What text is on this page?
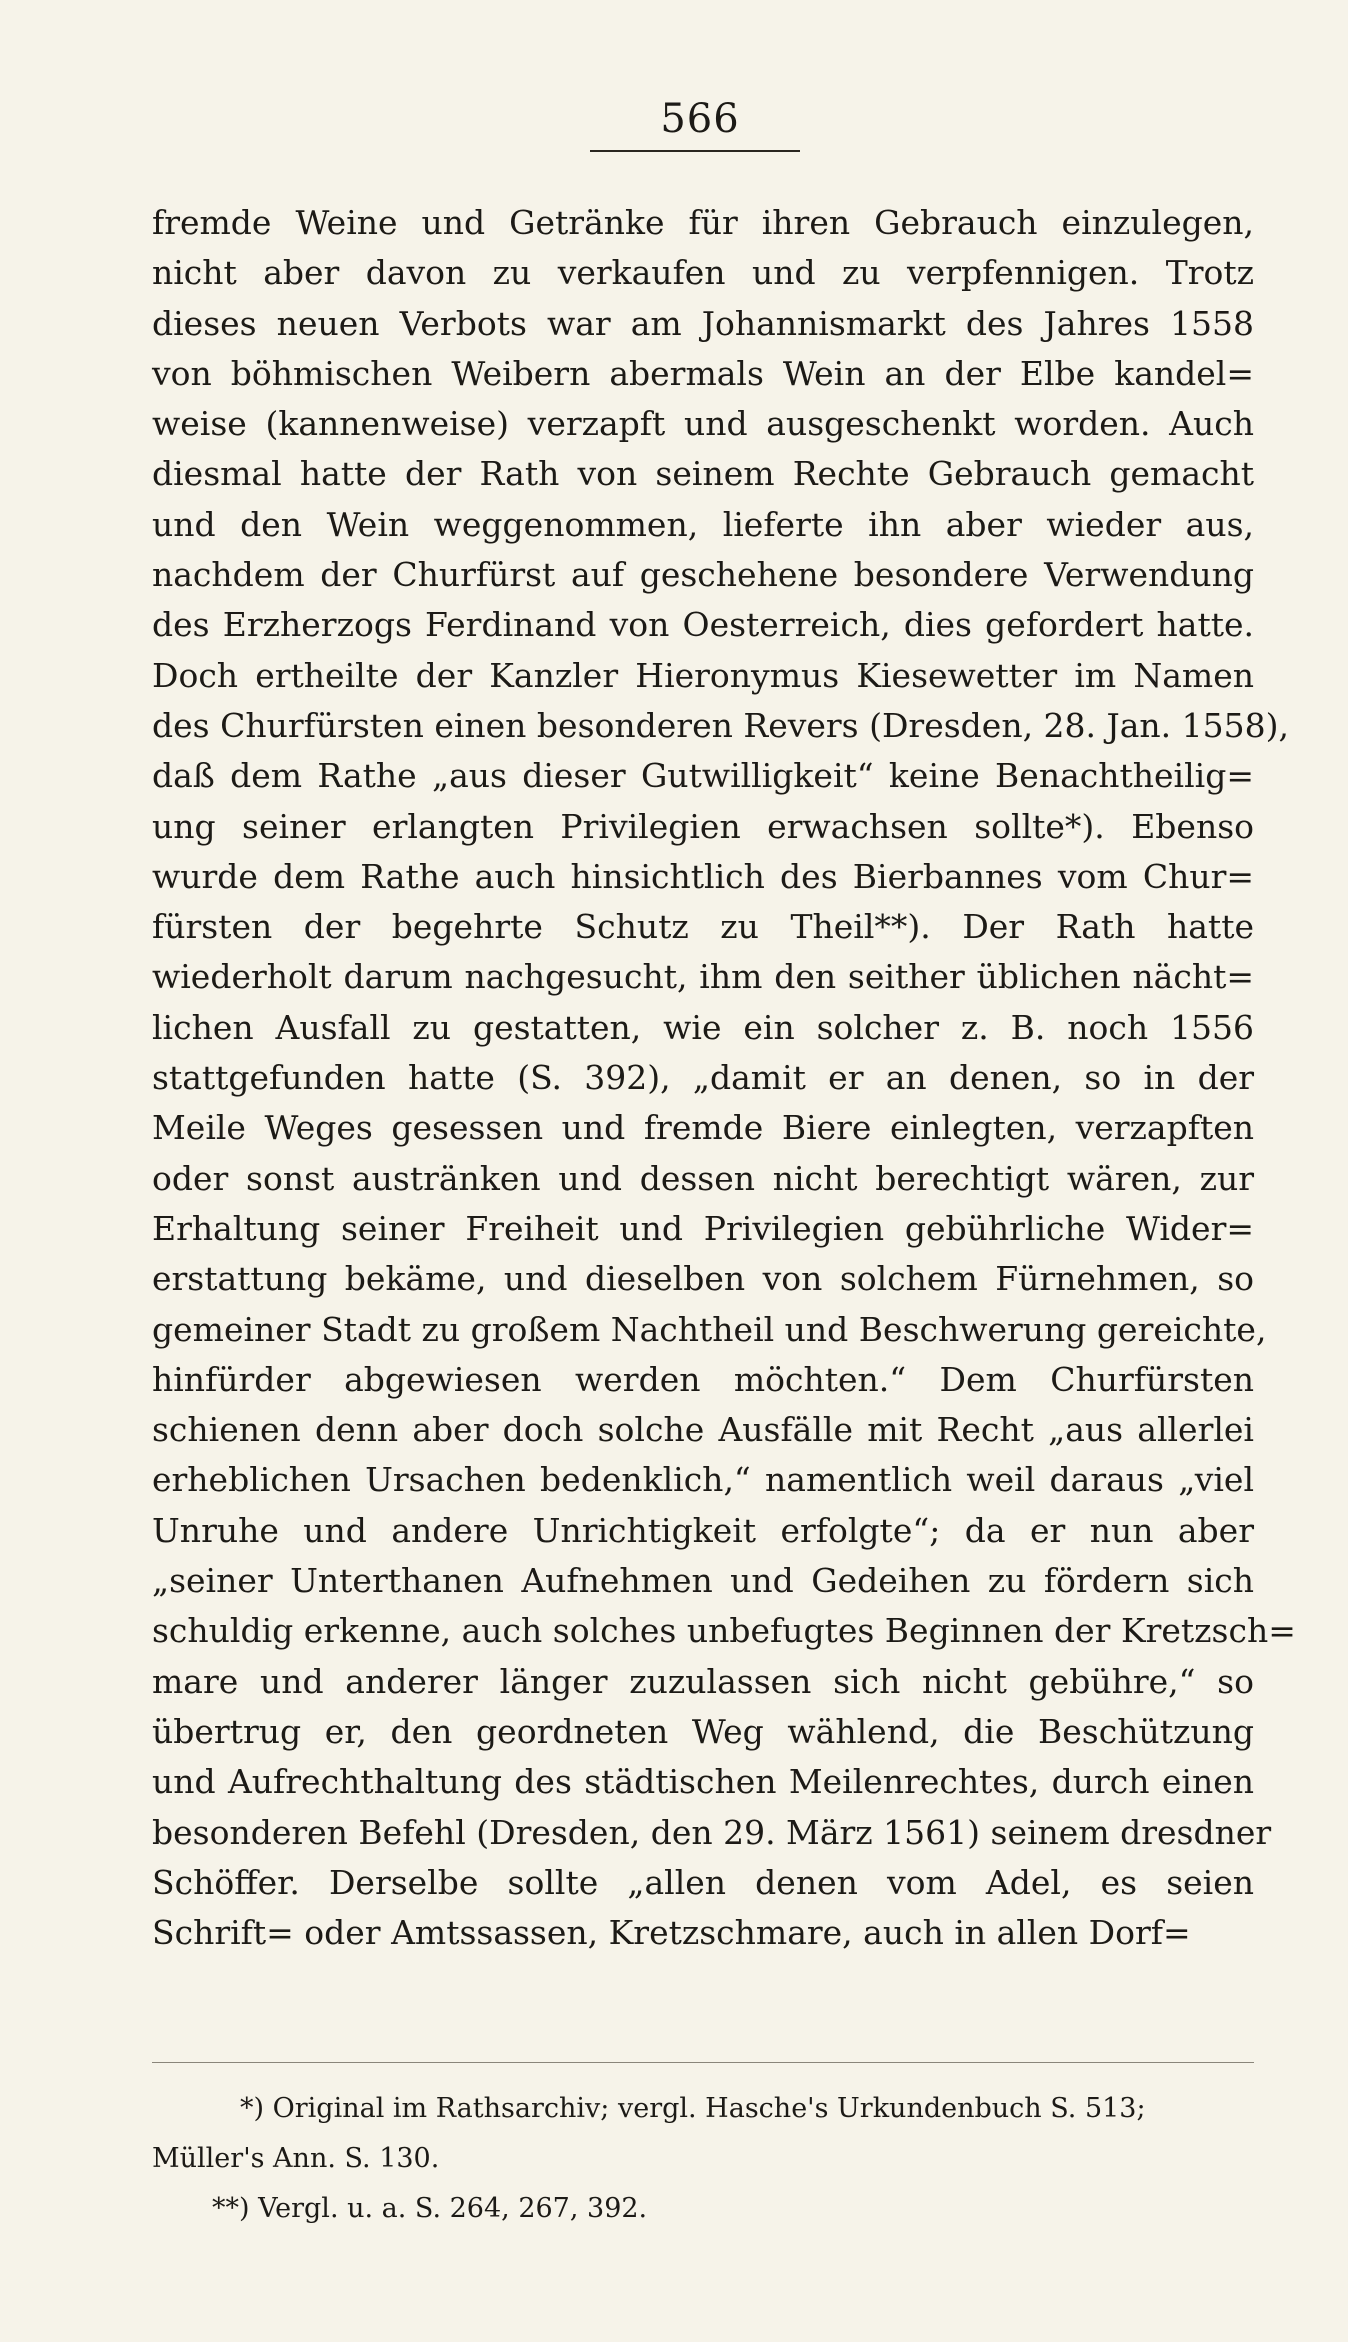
566
fremde Weine und Getränke für ihren Gebrauch einzulegen,
nicht aber davon zu verkaufen und zu verpfennigen. Trotz
dieses neuen Verbots war am Johannismarkt des Jahres 1558
von böhmischen Weibern abermals Wein an der Elbe kandel=
weise (kannenweise) verzapft und ausgeschenkt worden. Auch
diesmal hatte der Rath von seinem Rechte Gebrauch gemacht
und den Wein weggenommen, lieferte ihn aber wieder aus,
nachdem der Churfürst auf geschehene besondere Verwendung
des Erzherzogs Ferdinand von Oesterreich, dies gefordert hatte.
Doch ertheilte der Kanzler Hieronymus Kiesewetter im Namen
des Churfürsten einen besonderen Revers (Dresden, 28. Jan. 1558),
daß dem Rathe „aus dieser Gutwilligkeit“ keine Benachtheilig=
ung seiner erlangten Privilegien erwachsen sollte*). Ebenso
wurde dem Rathe auch hinsichtlich des Bierbannes vom Chur=
fürsten der begehrte Schutz zu Theil**). Der Rath hatte
wiederholt darum nachgesucht, ihm den seither üblichen nächt=
lichen Ausfall zu gestatten, wie ein solcher z. B. noch 1556
stattgefunden hatte (S. 392), „damit er an denen, so in der
Meile Weges gesessen und fremde Biere einlegten, verzapften
oder sonst austränken und dessen nicht berechtigt wären, zur
Erhaltung seiner Freiheit und Privilegien gebührliche Wider=
erstattung bekäme, und dieselben von solchem Fürnehmen, so
gemeiner Stadt zu großem Nachtheil und Beschwerung gereichte,
hinfürder abgewiesen werden möchten.“ Dem Churfürsten
schienen denn aber doch solche Ausfälle mit Recht „aus allerlei
erheblichen Ursachen bedenklich,“ namentlich weil daraus „viel
Unruhe und andere Unrichtigkeit erfolgte“; da er nun aber
„seiner Unterthanen Aufnehmen und Gedeihen zu fördern sich
schuldig erkenne, auch solches unbefugtes Beginnen der Kretzsch=
mare und anderer länger zuzulassen sich nicht gebühre,“ so
übertrug er, den geordneten Weg wählend, die Beschützung
und Aufrechthaltung des städtischen Meilenrechtes, durch einen
besonderen Befehl (Dresden, den 29. März 1561) seinem dresdner
Schöffer. Derselbe sollte „allen denen vom Adel, es seien
Schrift= oder Amtssassen, Kretzschmare, auch in allen Dorf=
*) Original im Rathsarchiv; vergl. Hasche's Urkundenbuch S. 513;
Müller's Ann. S. 130.
**) Vergl. u. a. S. 264, 267, 392.
